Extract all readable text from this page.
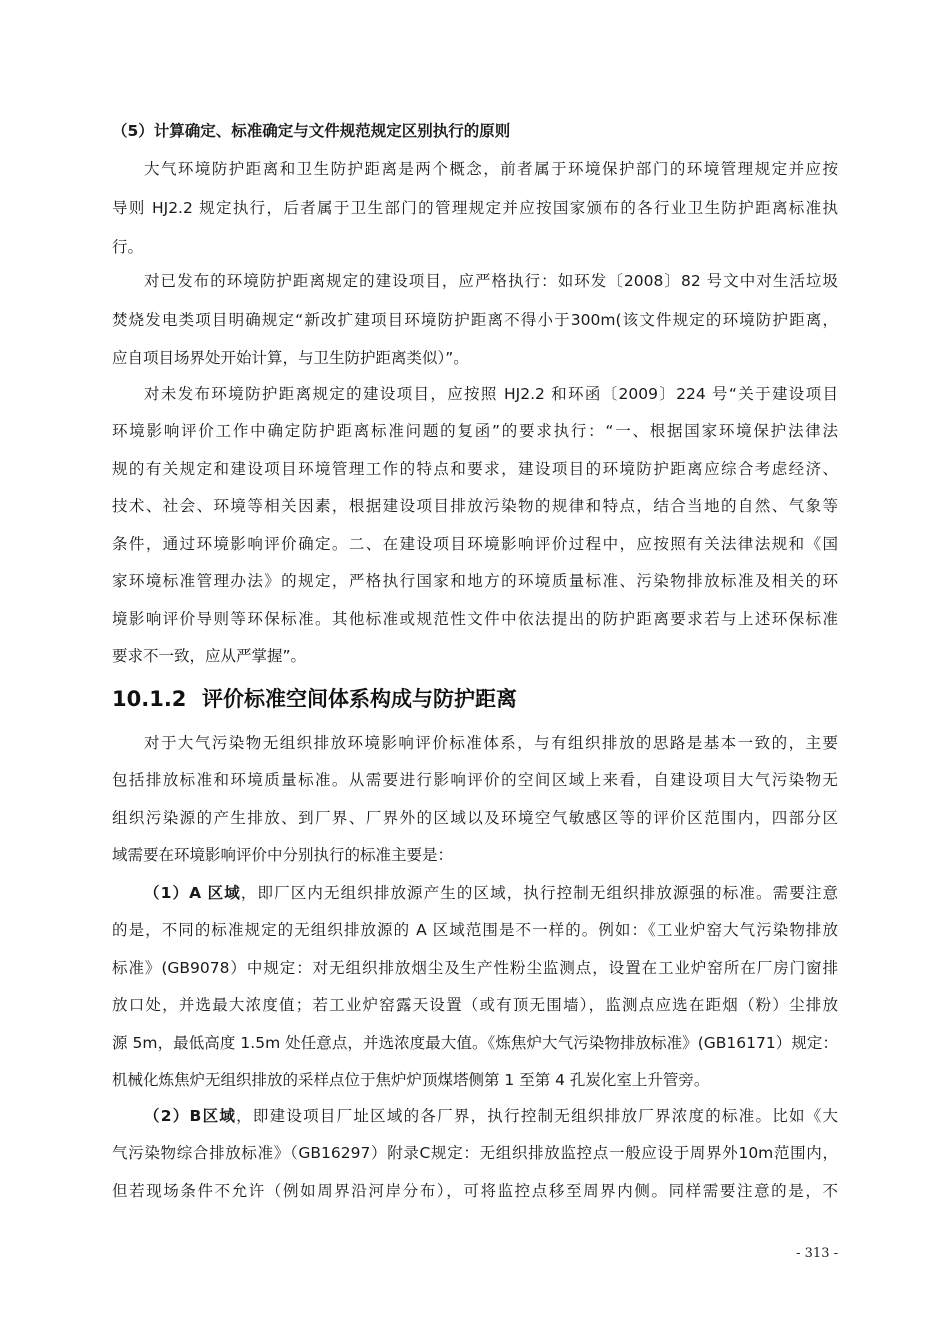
（5）计算确定、标准确定与文件规范规定区别执行的原则
大气环境防护距离和卫生防护距离是两个概念，前者属于环境保护部门的环境管理规定并应按
导则 HJ2.2 规定执行，后者属于卫生部门的管理规定并应按国家颁布的各行业卫生防护距离标准执
行。
对已发布的环境防护距离规定的建设项目，应严格执行：如环发〔2008〕82 号文中对生活垃圾
焚烧发电类项目明确规定“新改扩建项目环境防护距离不得小于300m(该文件规定的环境防护距离，
应自项目场界处开始计算，与卫生防护距离类似）”。
对未发布环境防护距离规定的建设项目，应按照 HJ2.2 和环函〔2009〕224 号“关于建设项目
环境影响评价工作中确定防护距离标准问题的复函”的要求执行：“一、根据国家环境保护法律法
规的有关规定和建设项目环境管理工作的特点和要求，建设项目的环境防护距离应综合考虑经济、
技术、社会、环境等相关因素，根据建设项目排放污染物的规律和特点，结合当地的自然、气象等
条件，通过环境影响评价确定。二、在建设项目环境影响评价过程中，应按照有关法律法规和《国
家环境标准管理办法》的规定，严格执行国家和地方的环境质量标准、污染物排放标准及相关的环
境影响评价导则等环保标准。其他标准或规范性文件中依法提出的防护距离要求若与上述环保标准
要求不一致，应从严掌握”。
10.1.2 评价标准空间体系构成与防护距离
对于大气污染物无组织排放环境影响评价标准体系，与有组织排放的思路是基本一致的，主要
包括排放标准和环境质量标准。从需要进行影响评价的空间区域上来看，自建设项目大气污染物无
组织污染源的产生排放、到厂界、厂界外的区域以及环境空气敏感区等的评价区范围内，四部分区
域需要在环境影响评价中分别执行的标准主要是：
（1）A 区域，即厂区内无组织排放源产生的区域，执行控制无组织排放源强的标准。需要注意
的是，不同的标准规定的无组织排放源的 A 区域范围是不一样的。例如：《工业炉窑大气污染物排放
标准》(GB9078）中规定：对无组织排放烟尘及生产性粉尘监测点，设置在工业炉窑所在厂房门窗排
放口处，并选最大浓度值；若工业炉窑露天设置（或有顶无围墙），监测点应选在距烟（粉）尘排放
源 5m，最低高度 1.5m 处任意点，并选浓度最大值。《炼焦炉大气污染物排放标准》(GB16171）规定：
机械化炼焦炉无组织排放的采样点位于焦炉炉顶煤塔侧第 1 至第 4 孔炭化室上升管旁。
（2）B区域，即建设项目厂址区域的各厂界，执行控制无组织排放厂界浓度的标准。比如《大
气污染物综合排放标准》（GB16297）附录C规定：无组织排放监控点一般应设于周界外10m范围内，
但若现场条件不允许（例如周界沿河岸分布），可将监控点移至周界内侧。同样需要注意的是，不
- 313 -
